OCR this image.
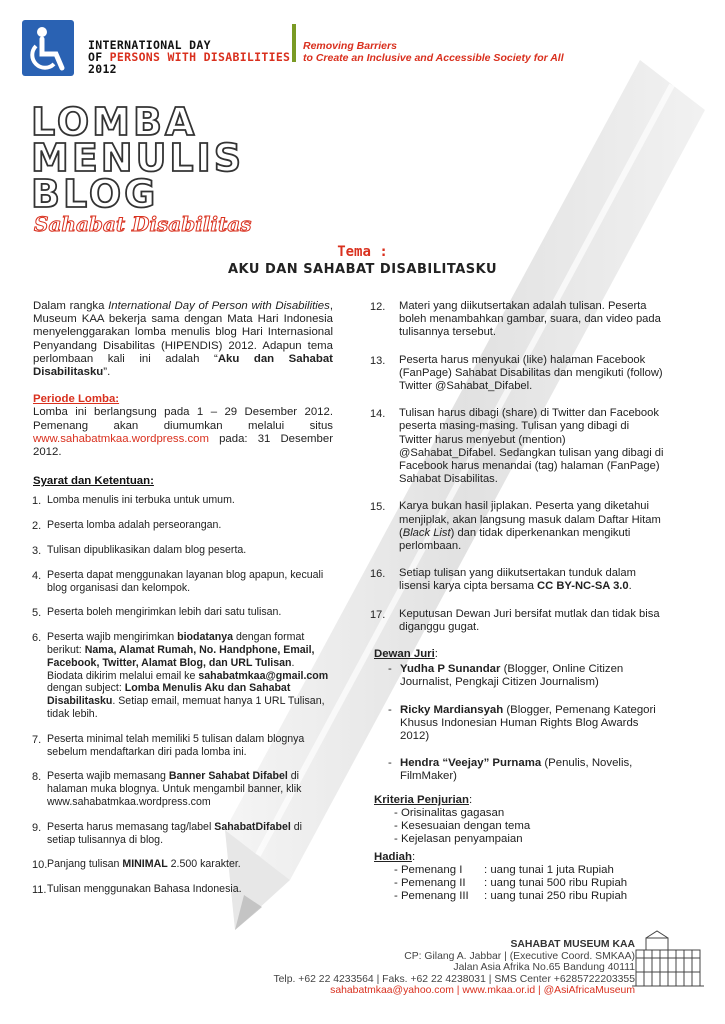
INTERNATIONAL DAY
OF PERSONS WITH DISABILITIES
2012
Removing Barriers
to Create an Inclusive and Accessible Society for All
LOMBA
MENULIS
BLOG
Sahabat Disabilitas
Tema :
AKU DAN SAHABAT DISABILITASKU
Dalam rangka International Day of Person with Disabilities, Museum KAA bekerja sama dengan Mata Hari Indonesia menyelenggarakan lomba menulis blog Hari Internasional Penyandang Disabilitas (HIPENDIS) 2012. Adapun tema perlombaan kali ini adalah “Aku dan Sahabat Disabilitasku”.
Periode Lomba:
Lomba ini berlangsung pada 1 – 29 Desember 2012. Pemenang akan diumumkan melalui situs www.sahabatmkaa.wordpress.com pada: 31 Desember 2012.
Syarat dan Ketentuan:
1. Lomba menulis ini terbuka untuk umum.
2. Peserta lomba adalah perseorangan.
3. Tulisan dipublikasikan dalam blog peserta.
4. Peserta dapat menggunakan layanan blog apapun, kecuali blog organisasi dan kelompok.
5. Peserta boleh mengirimkan lebih dari satu tulisan.
6. Peserta wajib mengirimkan biodatanya dengan format berikut: Nama, Alamat Rumah, No. Handphone, Email, Facebook, Twitter, Alamat Blog, dan URL Tulisan. Biodata dikirim melalui email ke sahabatmkaa@gmail.com dengan subject: Lomba Menulis Aku dan Sahabat Disabilitasku. Setiap email, memuat hanya 1 URL Tulisan, tidak lebih.
7. Peserta minimal telah memiliki 5 tulisan dalam blognya sebelum mendaftarkan diri pada lomba ini.
8. Peserta wajib memasang Banner Sahabat Difabel di halaman muka blognya. Untuk mengambil banner, klik www.sahabatmkaa.wordpress.com
9. Peserta harus memasang tag/label SahabatDifabel di setiap tulisannya di blog.
10. Panjang tulisan MINIMAL 2.500 karakter.
11. Tulisan menggunakan Bahasa Indonesia.
12. Materi yang diikutsertakan adalah tulisan. Peserta boleh menambahkan gambar, suara, dan video pada tulisannya tersebut.
13. Peserta harus menyukai (like) halaman Facebook (FanPage) Sahabat Disabilitas dan mengikuti (follow) Twitter @Sahabat_Difabel.
14. Tulisan harus dibagi (share) di Twitter dan Facebook peserta masing-masing. Tulisan yang dibagi di Twitter harus menyebut (mention) @Sahabat_Difabel. Sedangkan tulisan yang dibagi di Facebook harus menandai (tag) halaman (FanPage) Sahabat Disabilitas.
15. Karya bukan hasil jiplakan. Peserta yang diketahui menjiplak, akan langsung masuk dalam Daftar Hitam (Black List) dan tidak diperkenankan mengikuti perlombaan.
16. Setiap tulisan yang diikutsertakan tunduk dalam lisensi karya cipta bersama CC BY-NC-SA 3.0.
17. Keputusan Dewan Juri bersifat mutlak dan tidak bisa diganggu gugat.
Dewan Juri:
- Yudha P Sunandar (Blogger, Online Citizen Journalist, Pengkaji Citizen Journalism)
- Ricky Mardiansyah (Blogger, Pemenang Kategori Khusus Indonesian Human Rights Blog Awards 2012)
- Hendra “Veejay” Purnama (Penulis, Novelis, FilmMaker)
Kriteria Penjurian:
- Orisinalitas gagasan
- Kesesuaian dengan tema
- Kejelasan penyampaian
Hadiah:
- Pemenang I	: uang tunai 1 juta Rupiah
- Pemenang II	: uang tunai 500 ribu Rupiah
- Pemenang III	: uang tunai 250 ribu Rupiah
SAHABAT MUSEUM KAA
CP: Gilang A. Jabbar | (Executive Coord. SMKAA)
Jalan Asia Afrika No.65 Bandung 40111
Telp. +62 22 4233564 | Faks. +62 22 4238031 | SMS Center +6285722203355
sahabatmkaa@yahoo.com | www.mkaa.or.id | @AsiAfricaMuseum
